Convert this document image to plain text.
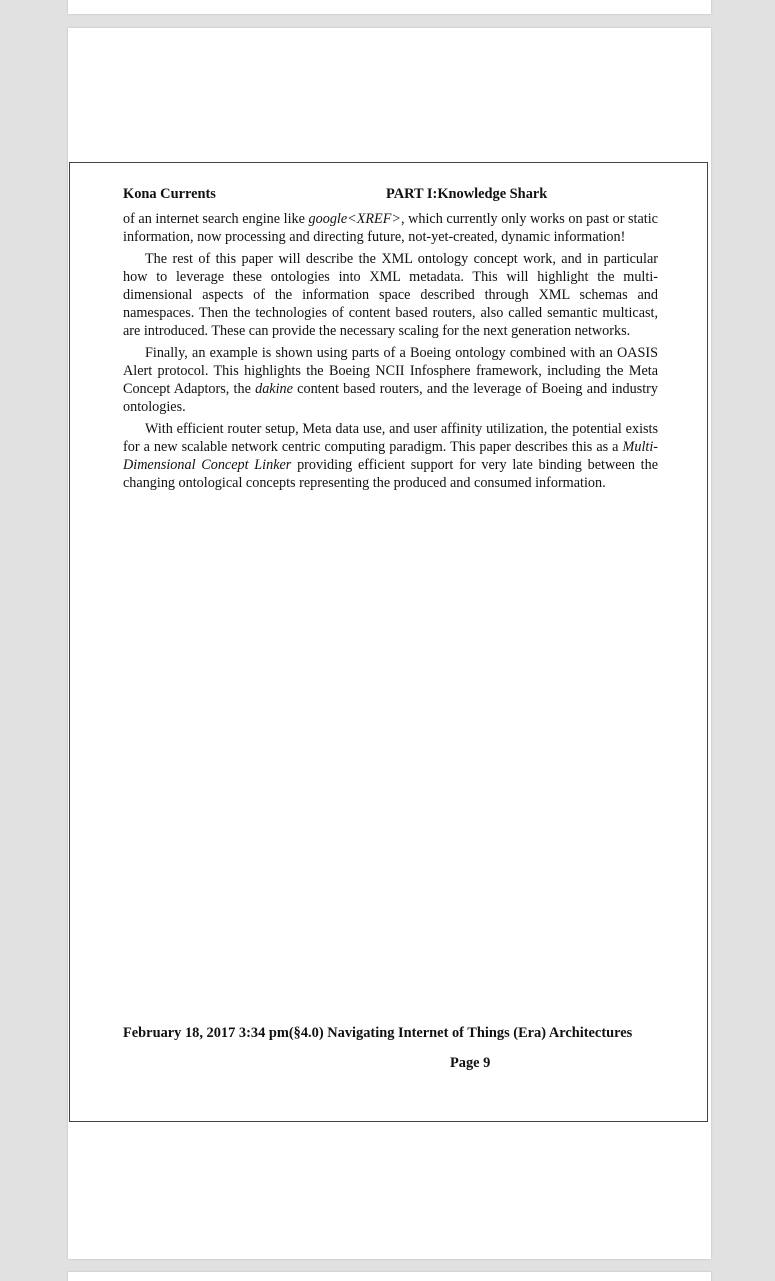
Kona Currents	PART I:Knowledge Shark

of an internet search engine like google<XREF>, which currently only works on past or static information, now processing and directing future, not-yet-created, dynamic information!

The rest of this paper will describe the XML ontology concept work, and in particular how to leverage these ontologies into XML metadata. This will highlight the multi-dimensional aspects of the information space described through XML schemas and namespaces. Then the technologies of content based routers, also called semantic multicast, are introduced. These can provide the necessary scaling for the next generation networks.

Finally, an example is shown using parts of a Boeing ontology combined with an OASIS Alert protocol. This highlights the Boeing NCII Infosphere framework, including the Meta Concept Adaptors, the dakine content based routers, and the leverage of Boeing and industry ontologies.

With efficient router setup, Meta data use, and user affinity utilization, the potential exists for a new scalable network centric computing paradigm. This paper describes this as a Multi-Dimensional Concept Linker providing efficient support for very late binding between the changing ontological concepts representing the produced and consumed information.

February 18, 2017 3:34 pm(§4.0) Navigating Internet of Things (Era) Architectures
Page 9
